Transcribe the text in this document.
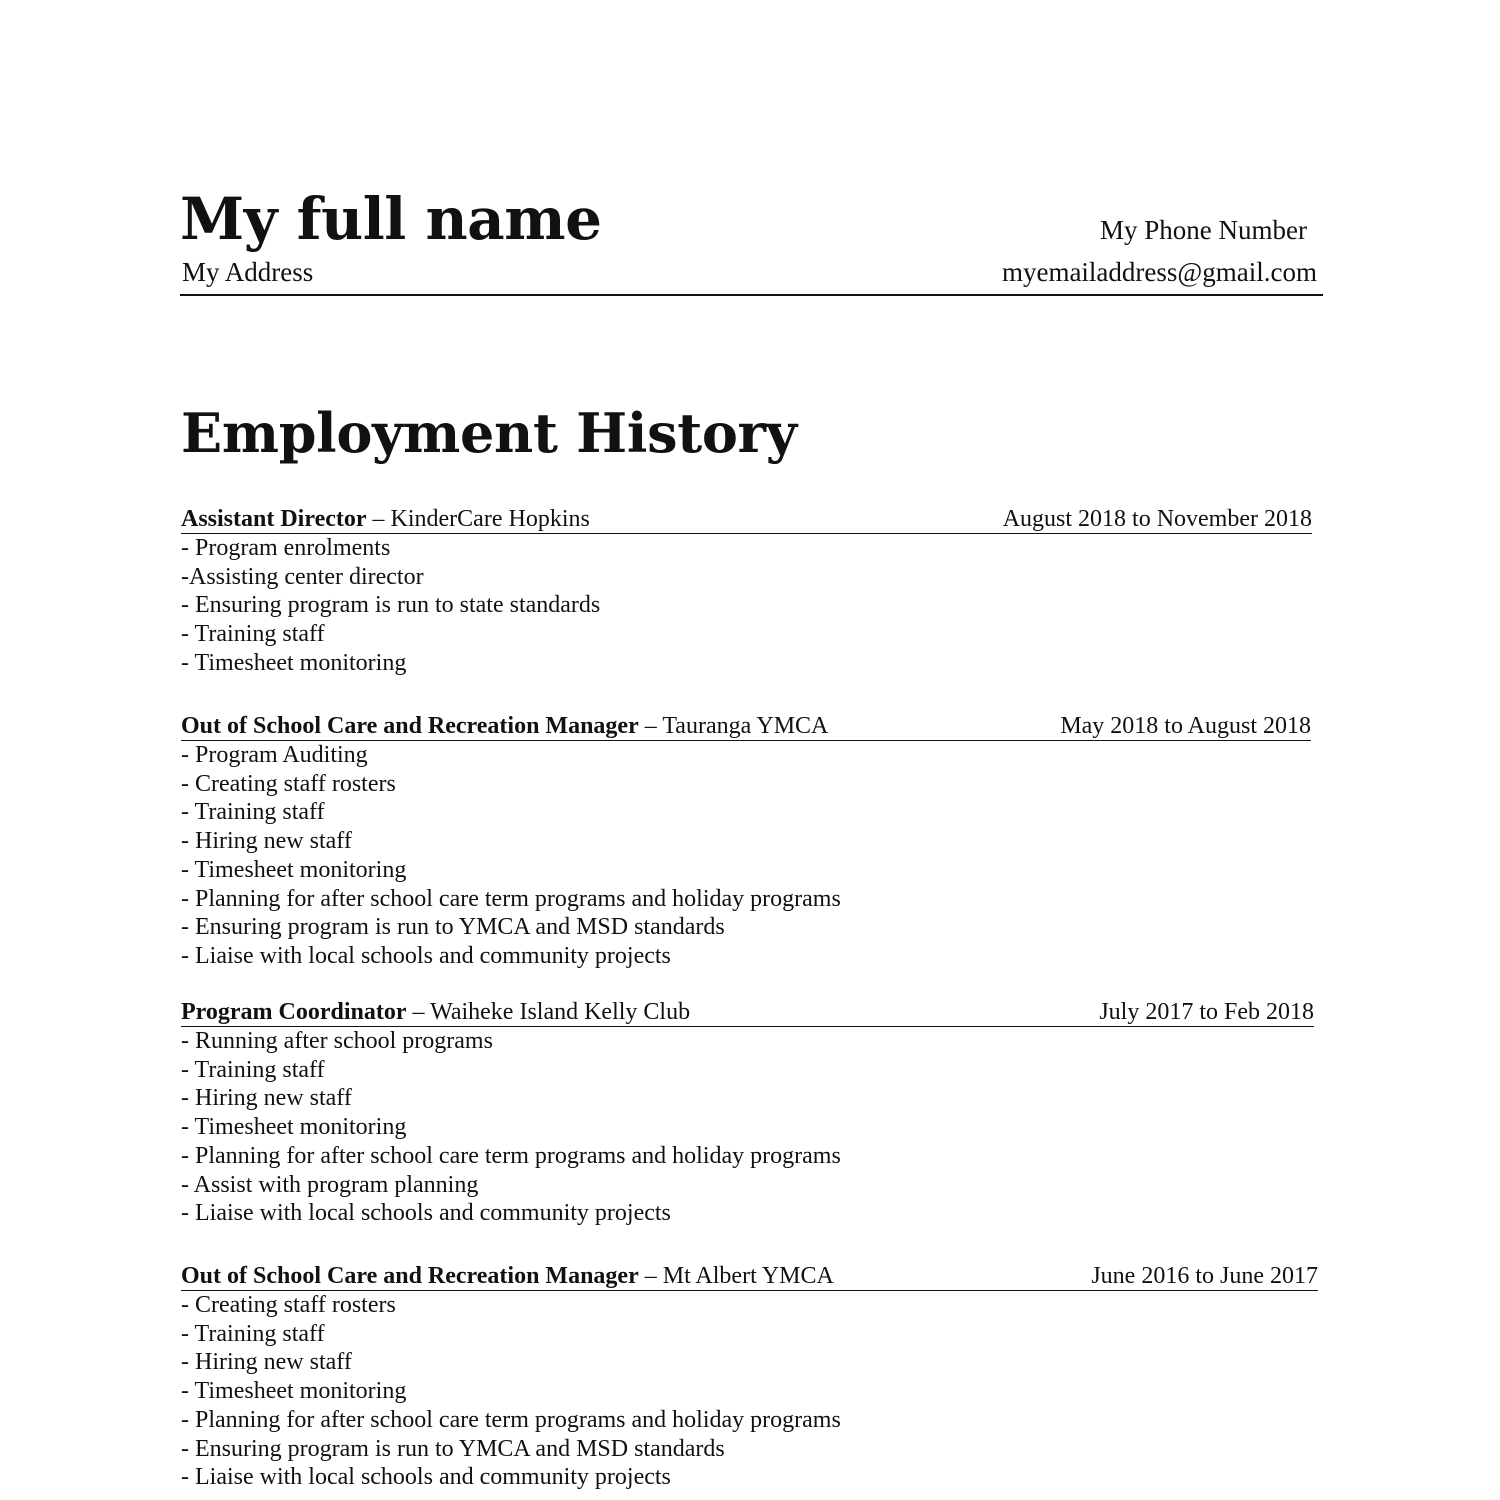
My full name	My Phone Number
My Address	myemailaddress@gmail.com
Employment History
Assistant Director – KinderCare Hopkins	August 2018 to November 2018
- Program enrolments
-Assisting center director
- Ensuring program is run to state standards
- Training staff
- Timesheet monitoring
Out of School Care and Recreation Manager – Tauranga YMCA	May 2018 to August 2018
- Program Auditing
- Creating staff rosters
- Training staff
- Hiring new staff
- Timesheet monitoring
- Planning for after school care term programs and holiday programs
- Ensuring program is run to YMCA and MSD standards
- Liaise with local schools and community projects
Program Coordinator – Waiheke Island Kelly Club	July 2017 to Feb 2018
- Running after school programs
- Training staff
- Hiring new staff
- Timesheet monitoring
- Planning for after school care term programs and holiday programs
- Assist with program planning
- Liaise with local schools and community projects
Out of School Care and Recreation Manager – Mt Albert YMCA	June 2016 to June 2017
- Creating staff rosters
- Training staff
- Hiring new staff
- Timesheet monitoring
- Planning for after school care term programs and holiday programs
- Ensuring program is run to YMCA and MSD standards
- Liaise with local schools and community projects
